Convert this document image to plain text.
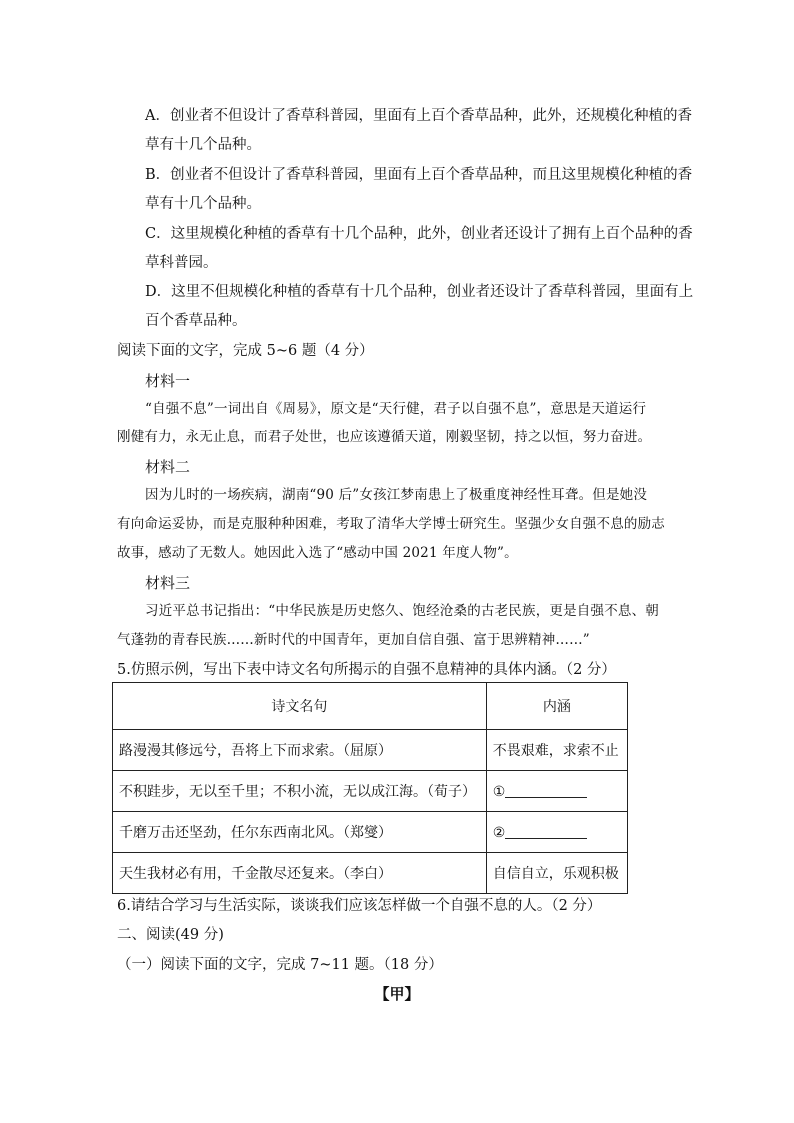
A．创业者不但设计了香草科普园，里面有上百个香草品种，此外，还规模化种植的香
草有十几个品种。
B．创业者不但设计了香草科普园，里面有上百个香草品种，而且这里规模化种植的香
草有十几个品种。
C．这里规模化种植的香草有十几个品种，此外，创业者还设计了拥有上百个品种的香
草科普园。
D．这里不但规模化种植的香草有十几个品种，创业者还设计了香草科普园，里面有上
百个香草品种。
阅读下面的文字，完成 5~6 题（4 分）
材料一
“自强不息”一词出自《周易》，原文是“天行健，君子以自强不息”，意思是天道运行
刚健有力，永无止息，而君子处世，也应该遵循天道，刚毅坚韧，持之以恒，努力奋进。
材料二
因为儿时的一场疾病，湖南“90 后”女孩江梦南患上了极重度神经性耳聋。但是她没
有向命运妥协，而是克服种种困难，考取了清华大学博士研究生。坚强少女自强不息的励志
故事，感动了无数人。她因此入选了“感动中国 2021 年度人物”。
材料三
习近平总书记指出：“中华民族是历史悠久、饱经沧桑的古老民族，更是自强不息、朝
气蓬勃的青春民族……新时代的中国青年，更加自信自强、富于思辨精神……”
5.仿照示例，写出下表中诗文名句所揭示的自强不息精神的具体内涵。（2 分）
诗文名句	内涵
路漫漫其修远兮，吾将上下而求索。（屈原）	不畏艰难，求索不止
不积跬步，无以至千里；不积小流，无以成江海。（荀子）	①
千磨万击还坚劲，任尔东西南北风。（郑燮）	②
天生我材必有用，千金散尽还复来。（李白）	自信自立，乐观积极
6.请结合学习与生活实际，谈谈我们应该怎样做一个自强不息的人。（2 分）
二、阅读(49 分)
（一）阅读下面的文字，完成 7~11 题。（18 分）
【甲】
